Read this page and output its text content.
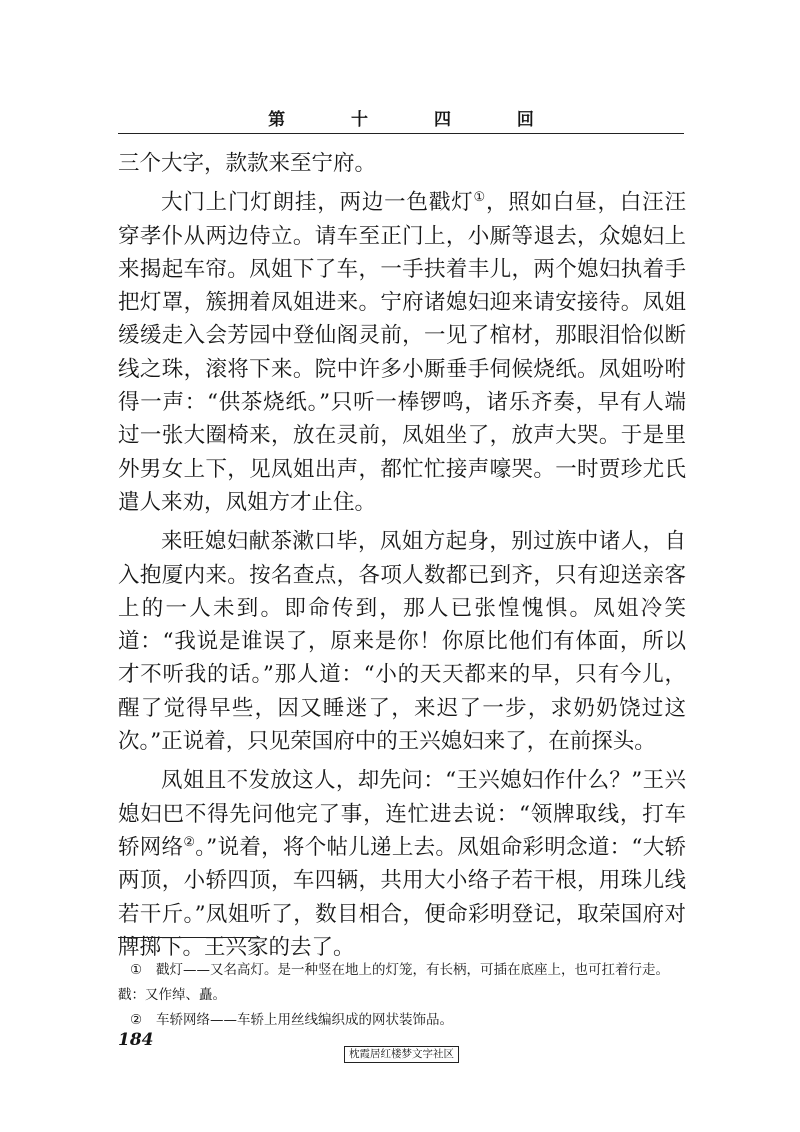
第 十 四 回

三个大字，款款来至宁府。

大门上门灯朗挂，两边一色戳灯①，照如白昼，白汪汪穿孝仆从两边侍立。请车至正门上，小厮等退去，众媳妇上来揭起车帘。凤姐下了车，一手扶着丰儿，两个媳妇执着手把灯罩，簇拥着凤姐进来。宁府诸媳妇迎来请安接待。凤姐缓缓走入会芳园中登仙阁灵前，一见了棺材，那眼泪恰似断线之珠，滚将下来。院中许多小厮垂手伺候烧纸。凤姐吩咐得一声：“供茶烧纸。”只听一棒锣鸣，诸乐齐奏，早有人端过一张大圈椅来，放在灵前，凤姐坐了，放声大哭。于是里外男女上下，见凤姐出声，都忙忙接声嚎哭。一时贾珍尤氏遣人来劝，凤姐方才止住。

来旺媳妇献茶漱口毕，凤姐方起身，别过族中诸人，自入抱厦内来。按名查点，各项人数都已到齐，只有迎送亲客上的一人未到。即命传到，那人已张惶愧惧。凤姐冷笑道：“我说是谁误了，原来是你！你原比他们有体面，所以才不听我的话。”那人道：“小的天天都来的早，只有今儿，醒了觉得早些，因又睡迷了，来迟了一步，求奶奶饶过这次。”正说着，只见荣国府中的王兴媳妇来了，在前探头。

凤姐且不发放这人，却先问：“王兴媳妇作什么？”王兴媳妇巴不得先问他完了事，连忙进去说：“领牌取线，打车轿网络②。”说着，将个帖儿递上去。凤姐命彩明念道：“大轿两顶，小轿四顶，车四辆，共用大小络子若干根，用珠儿线若干斤。”凤姐听了，数目相合，便命彩明登记，取荣国府对牌掷下。王兴家的去了。

① 戳灯——又名高灯。是一种竖在地上的灯笼，有长柄，可插在底座上，也可扛着行走。戳：又作绰、矗。

② 车轿网络——车轿上用丝线编织成的网状装饰品。

184
枕霞居红楼梦文字社区
